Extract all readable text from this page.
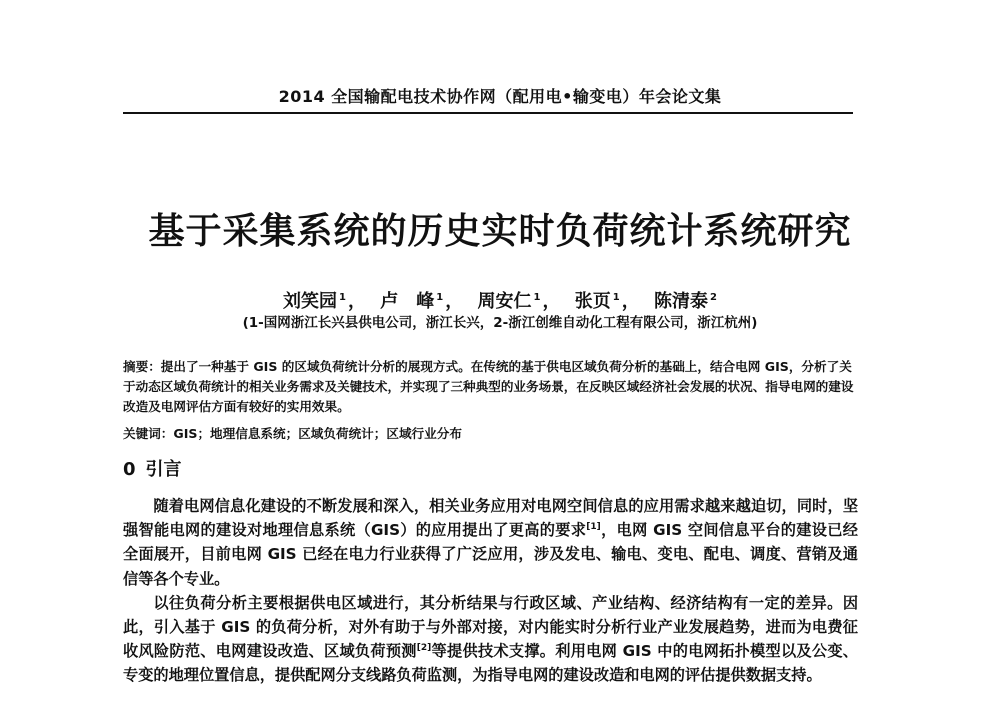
2014 全国输配电技术协作网（配用电•输变电）年会论文集
基于采集系统的历史实时负荷统计系统研究
刘笑园 $^1$ ， 卢　峰 $^1$ ， 周安仁 $^1$ ， 张页 $^1$ ， 陈清泰 $^2$
(1-国网浙江长兴县供电公司，浙江长兴，2-浙江创维自动化工程有限公司，浙江杭州)
摘要：提出了一种基于 GIS 的区域负荷统计分析的展现方式。在传统的基于供电区域负荷分析的基础上，结合电网 GIS，分析了关于动态区域负荷统计的相关业务需求及关键技术，并实现了三种典型的业务场景，在反映区域经济社会发展的状况、指导电网的建设改造及电网评估方面有较好的实用效果。
关键词：GIS；地理信息系统；区域负荷统计；区域行业分布
0 引言

随着电网信息化建设的不断发展和深入，相关业务应用对电网空间信息的应用需求越来越迫切，同时，坚强智能电网的建设对地理信息系统（GIS）的应用提出了更高的要求[1]，电网 GIS 空间信息平台的建设已经全面展开，目前电网 GIS 已经在电力行业获得了广泛应用，涉及发电、输电、变电、配电、调度、营销及通信等各个专业。

以往负荷分析主要根据供电区域进行，其分析结果与行政区域、产业结构、经济结构有一定的差异。因此，引入基于 GIS 的负荷分析，对外有助于与外部对接，对内能实时分析行业产业发展趋势，进而为电费征收风险防范、电网建设改造、区域负荷预测[2]等提供技术支撑。利用电网 GIS 中的电网拓扑模型以及公变、专变的地理位置信息，提供配网分支线路负荷监测，为指导电网的建设改造和电网的评估提供数据支持。
